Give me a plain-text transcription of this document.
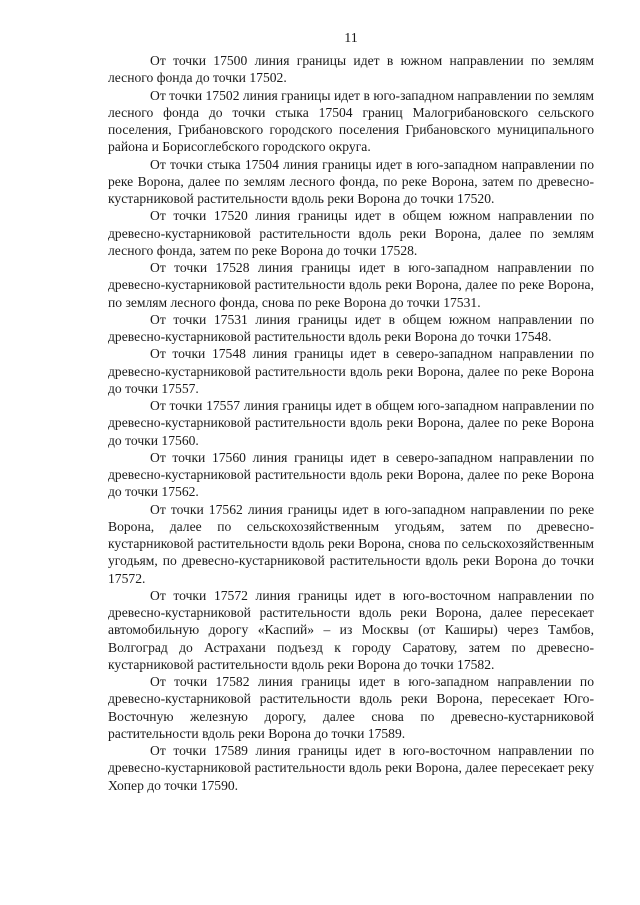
11

От точки 17500 линия границы идет в южном направлении по землям лесного фонда до точки 17502.

От точки 17502 линия границы идет в юго-западном направлении по землям лесного фонда до точки стыка 17504 границ Малогрибановского сельского поселения, Грибановского городского поселения Грибановского муниципального района и Борисоглебского городского округа.

От точки стыка 17504 линия границы идет в юго-западном направлении по реке Ворона, далее по землям лесного фонда, по реке Ворона, затем по древесно-кустарниковой растительности вдоль реки Ворона до точки 17520.

От точки 17520 линия границы идет в общем южном направлении по древесно-кустарниковой растительности вдоль реки Ворона, далее по землям лесного фонда, затем по реке Ворона до точки 17528.

От точки 17528 линия границы идет в юго-западном направлении по древесно-кустарниковой растительности вдоль реки Ворона, далее по реке Ворона, по землям лесного фонда, снова по реке Ворона до точки 17531.

От точки 17531 линия границы идет в общем южном направлении по древесно-кустарниковой растительности вдоль реки Ворона до точки 17548.

От точки 17548 линия границы идет в северо-западном направлении по древесно-кустарниковой растительности вдоль реки Ворона, далее по реке Ворона до точки 17557.

От точки 17557 линия границы идет в общем юго-западном направлении по древесно-кустарниковой растительности вдоль реки Ворона, далее по реке Ворона до точки 17560.

От точки 17560 линия границы идет в северо-западном направлении по древесно-кустарниковой растительности вдоль реки Ворона, далее по реке Ворона до точки 17562.

От точки 17562 линия границы идет в юго-западном направлении по реке Ворона, далее по сельскохозяйственным угодьям, затем по древесно-кустарниковой растительности вдоль реки Ворона, снова по сельскохозяйственным угодьям, по древесно-кустарниковой растительности вдоль реки Ворона до точки 17572.

От точки 17572 линия границы идет в юго-восточном направлении по древесно-кустарниковой растительности вдоль реки Ворона, далее пересекает автомобильную дорогу «Каспий» – из Москвы (от Каширы) через Тамбов, Волгоград до Астрахани подъезд к городу Саратову, затем по древесно-кустарниковой растительности вдоль реки Ворона до точки 17582.

От точки 17582 линия границы идет в юго-западном направлении по древесно-кустарниковой растительности вдоль реки Ворона, пересекает Юго-Восточную железную дорогу, далее снова по древесно-кустарниковой растительности вдоль реки Ворона до точки 17589.

От точки 17589 линия границы идет в юго-восточном направлении по древесно-кустарниковой растительности вдоль реки Ворона, далее пересекает реку Хопер до точки 17590.
